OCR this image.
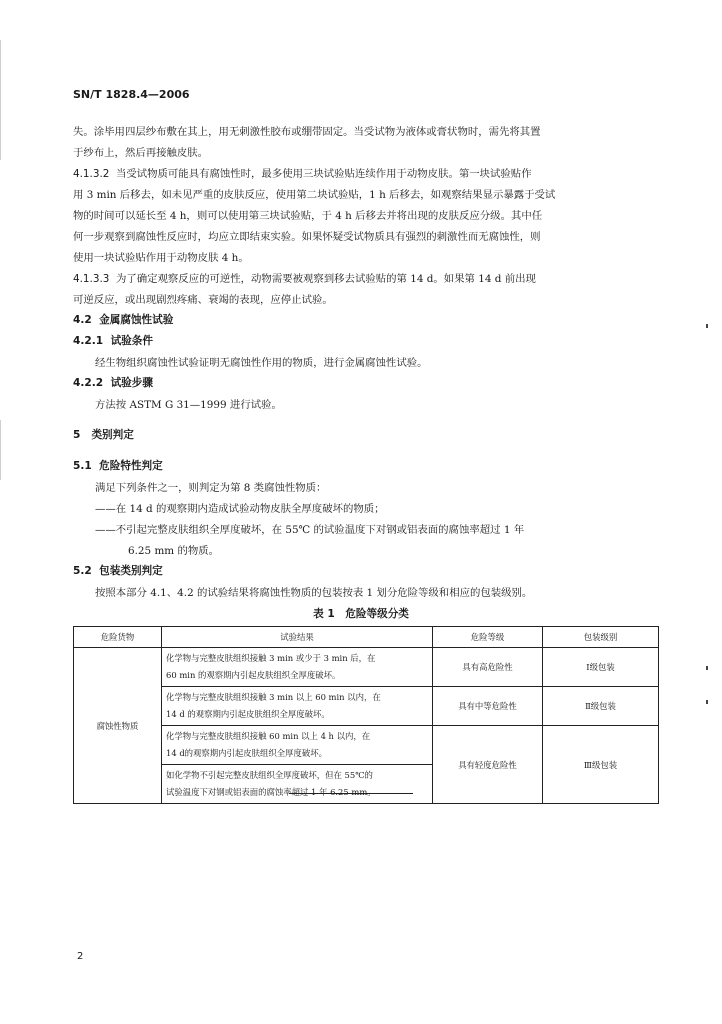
SN/T 1828.4—2006
失。涂毕用四层纱布敷在其上，用无刺激性胶布或绷带固定。当受试物为液体或膏状物时，需先将其置
于纱布上，然后再接触皮肤。
4.1.3.2 当受试物质可能具有腐蚀性时，最多使用三块试验贴连续作用于动物皮肤。第一块试验贴作
用 3 min 后移去，如未见严重的皮肤反应，使用第二块试验贴，1 h 后移去，如观察结果显示暴露于受试
物的时间可以延长至 4 h，则可以使用第三块试验贴，于 4 h 后移去并将出现的皮肤反应分级。其中任
何一步观察到腐蚀性反应时，均应立即结束实验。如果怀疑受试物质具有强烈的刺激性而无腐蚀性，则
使用一块试验贴作用于动物皮肤 4 h。
4.1.3.3 为了确定观察反应的可逆性，动物需要被观察到移去试验贴的第 14 d。如果第 14 d 前出现
可逆反应，或出现剧烈疼痛、衰竭的表现，应停止试验。
4.2 金属腐蚀性试验
4.2.1 试验条件
经生物组织腐蚀性试验证明无腐蚀性作用的物质，进行金属腐蚀性试验。
4.2.2 试验步骤
方法按 ASTM G 31—1999 进行试验。
5 类别判定
5.1 危险特性判定
满足下列条件之一，则判定为第 8 类腐蚀性物质：
——在 14 d 的观察期内造成试验动物皮肤全厚度破坏的物质；
——不引起完整皮肤组织全厚度破坏，在 55℃ 的试验温度下对钢或铝表面的腐蚀率超过 1 年
6.25 mm 的物质。
5.2 包装类别判定
按照本部分 4.1、4.2 的试验结果将腐蚀性物质的包装按表 1 划分危险等级和相应的包装级别。
表 1　危险等级分类
危险货物	试验结果	危险等级	包装级别
腐蚀性物质	化学物与完整皮肤组织接触 3 min 或少于 3 min 后，在
60 min 的观察期内引起皮肤组织全厚度破坏。	具有高危险性	Ⅰ级包装
	化学物与完整皮肤组织接触 3 min 以上 60 min 以内，在
14 d 的观察期内引起皮肤组织全厚度破坏。	具有中等危险性	Ⅱ级包装
	化学物与完整皮肤组织接触 60 min 以上 4 h 以内，在
14 d的观察期内引起皮肤组织全厚度破坏。	具有轻度危险性	Ⅲ级包装
	如化学物不引起完整皮肤组织全厚度破坏，但在 55℃的
试验温度下对钢或铝表面的腐蚀率超过 1 年 6.25 mm。		
2
